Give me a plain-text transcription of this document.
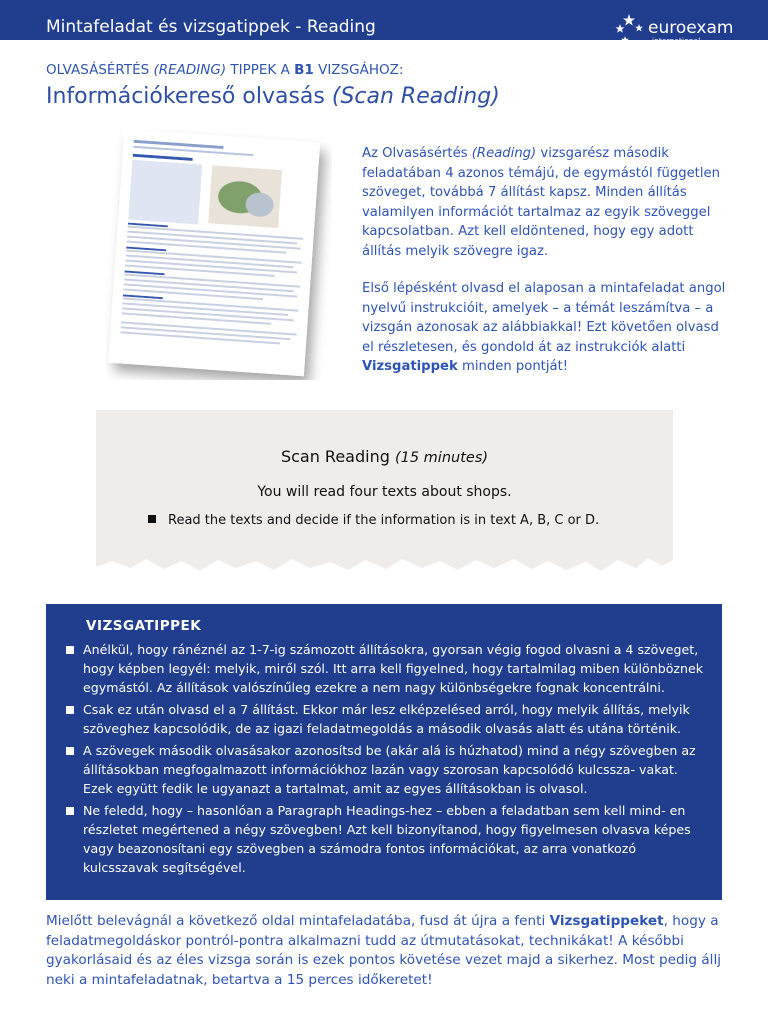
Mintafeladat és vizsgatippek - Reading	euroexam
international
OLVASÁSÉRTÉS (READING) TIPPEK A B1 VIZSGÁHOZ:
Információkereső olvasás (Scan Reading)

Az Olvasásértés (Reading) vizsgarész második feladatában 4 azonos témájú, de egymástól független szöveget, továbbá 7 állítást kapsz. Minden állítás valamilyen információt tartalmaz az egyik szöveggel kapcsolatban. Azt kell eldöntened, hogy egy adott állítás melyik szövegre igaz.

Első lépésként olvasd el alaposan a mintafeladat angol nyelvű instrukcióit, amelyek – a témát leszámítva – a vizsgán azonosak az alábbiakkal! Ezt követően olvasd el részletesen, és gondold át az instrukciók alatti Vizsgatippek minden pontját!

Scan Reading (15 minutes)
You will read four texts about shops.
Read the texts and decide if the information is in text A, B, C or D.
VIZSGATIPPEK
Anélkül, hogy ránéznél az 1-7-ig számozott állításokra, gyorsan végig fogod olvasni a 4 szöveget, hogy képben legyél: melyik, miről szól. Itt arra kell figyelned, hogy tartalmilag miben különböznek egymástól. Az állítások valószínűleg ezekre a nem nagy különbségekre fognak koncentrálni.
Csak ez után olvasd el a 7 állítást. Ekkor már lesz elképzelésed arról, hogy melyik állítás, melyik szöveghez kapcsolódik, de az igazi feladatmegoldás a második olvasás alatt és utána történik.
A szövegek második olvasásakor azonosítsd be (akár alá is húzhatod) mind a négy szövegben az állításokban megfogalmazott információkhoz lazán vagy szorosan kapcsolódó kulcssza- vakat. Ezek együtt fedik le ugyanazt a tartalmat, amit az egyes állításokban is olvasol.
Ne feledd, hogy – hasonlóan a Paragraph Headings-hez – ebben a feladatban sem kell mind- en részletet megértened a négy szövegben! Azt kell bizonyítanod, hogy figyelmesen olvasva képes vagy beazonosítani egy szövegben a számodra fontos információkat, az arra vonatkozó kulcsszavak segítségével.
Mielőtt belevágnál a következő oldal mintafeladatába, fusd át újra a fenti Vizsgatippeket, hogy a feladatmegoldáskor pontról-pontra alkalmazni tudd az útmutatásokat, technikákat! A későbbi gyakorlásaid és az éles vizsga során is ezek pontos követése vezet majd a sikerhez. Most pedig állj neki a mintafeladatnak, betartva a 15 perces időkeretet!
